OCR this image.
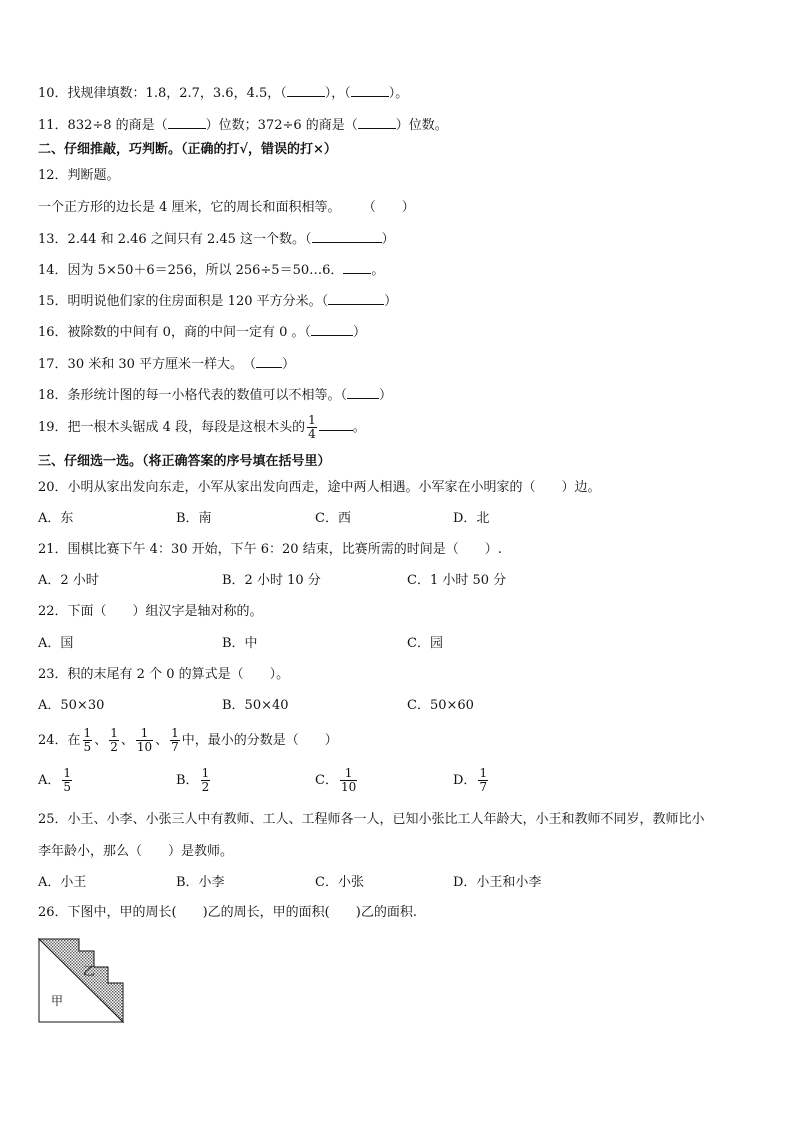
10．找规律填数：1.8，2.7，3.6，4.5，（	），（	）。
11．832÷8 的商是（	）位数；372÷6 的商是（	）位数。
二、仔细推敲，巧判断。（正确的打√，错误的打×）
12．判断题。
一个正方形的边长是 4 厘米，它的周长和面积相等。 （　　）
13．2.44 和 2.46 之间只有 2.45 这一个数。（	）
14．因为 5×50＋6＝256，所以 256÷5＝50…6． 。
15．明明说他们家的住房面积是 120 平方分米。（	）
16．被除数的中间有 0，商的中间一定有 0 。（	）
17．30 米和 30 平方厘米一样大。　（ ）
18．条形统计图的每一小格代表的数值可以不相等。（ ）
19．把一根木头锯成 4 段，每段是这根木头的 $\frac{1}{4}$	。
三、仔细选一选。（将正确答案的序号填在括号里）
20．小明从家出发向东走，小军从家出发向西走，途中两人相遇。小军家在小明家的（　　）边。
A．东	B．南	C．西	D．北
21．围棋比赛下午 4：30 开始，下午 6：20 结束，比赛所需的时间是（　　）.
A．2 小时	B．2 小时 10 分	C．1 小时 50 分
22．下面（　　）组汉字是轴对称的。
A．国	B．中	C．园
23．积的末尾有 2 个 0 的算式是（　　）。
A．50×30	B．50×40	C．50×60
24．在 $\frac{1}{5}$ 、 $\frac{1}{2}$ 、 $\frac{1}{10}$ 、 $\frac{1}{7}$ 中，最小的分数是（　　）
A． $\frac{1}{5}$	B． $\frac{1}{2}$	C． $\frac{1}{10}$	D． $\frac{1}{7}$
25．小王、小李、小张三人中有教师、工人、工程师各一人，已知小张比工人年龄大，小王和教师不同岁，教师比小
李年龄小，那么（　　）是教师。
A．小王	B．小李	C．小张	D．小王和小李
26．下图中，甲的周长(　　)乙的周长，甲的面积(　　)乙的面积.
乙
甲
